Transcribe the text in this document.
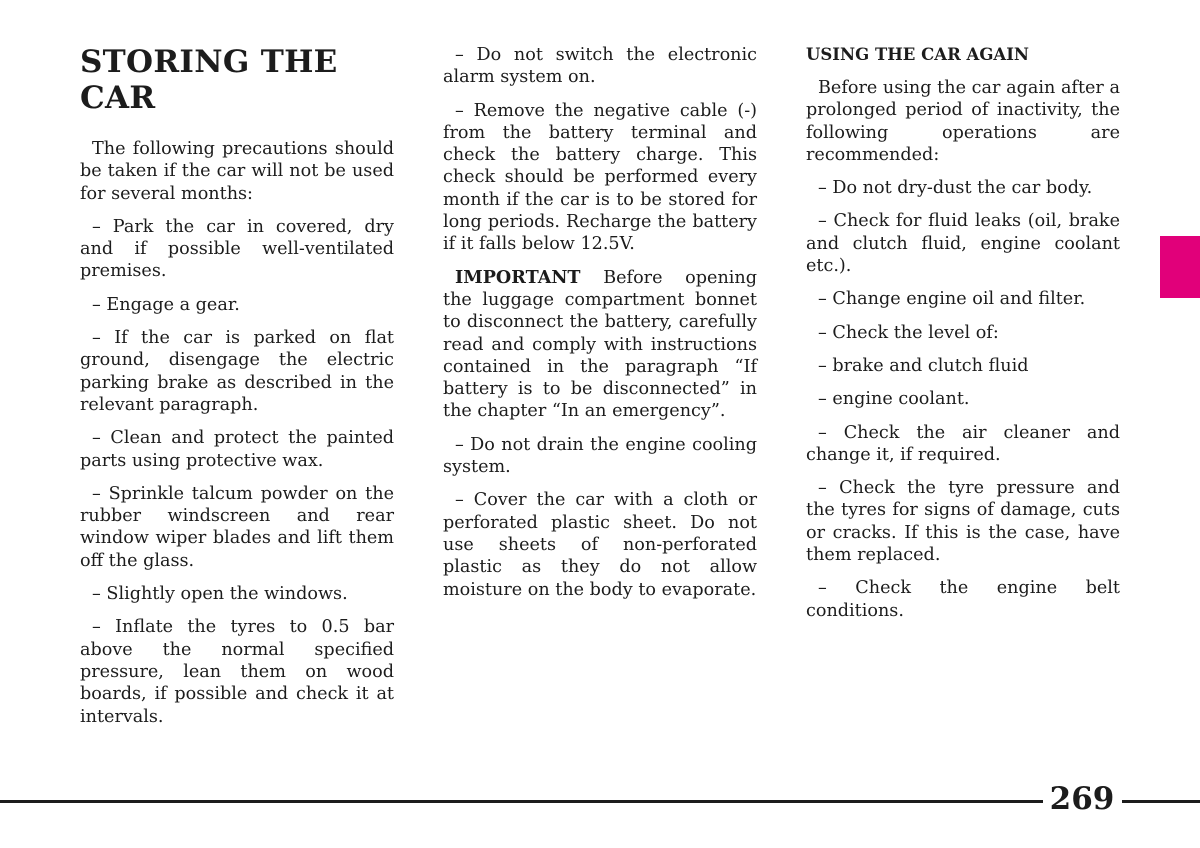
STORING THE CAR

The following precautions should be taken if the car will not be used for several months:

– Park the car in covered, dry and if possible well-ventilated premises.

– Engage a gear.

– If the car is parked on flat ground, disengage the electric parking brake as described in the relevant paragraph.

– Clean and protect the painted parts using protective wax.

– Sprinkle talcum powder on the rubber windscreen and rear window wiper blades and lift them off the glass.

– Slightly open the windows.

– Inflate the tyres to 0.5 bar above the normal specified pressure, lean them on wood boards, if possible and check it at intervals.

– Do not switch the electronic alarm system on.

– Remove the negative cable (-) from the battery terminal and check the battery charge. This check should be performed every month if the car is to be stored for long periods. Recharge the battery if it falls below 12.5V.

IMPORTANT Before opening the luggage compartment bonnet to disconnect the battery, carefully read and comply with instructions contained in the paragraph “If battery is to be disconnected” in the chapter “In an emergency”.

– Do not drain the engine cooling system.

– Cover the car with a cloth or perforated plastic sheet. Do not use sheets of non-perforated plastic as they do not allow moisture on the body to evaporate.

USING THE CAR AGAIN

Before using the car again after a prolonged period of inactivity, the following operations are recommended:

– Do not dry-dust the car body.

– Check for fluid leaks (oil, brake and clutch fluid, engine coolant etc.).

– Change engine oil and filter.

– Check the level of:

– brake and clutch fluid

– engine coolant.

– Check the air cleaner and change it, if required.

– Check the tyre pressure and the tyres for signs of damage, cuts or cracks. If this is the case, have them replaced.

– Check the engine belt conditions.

269
